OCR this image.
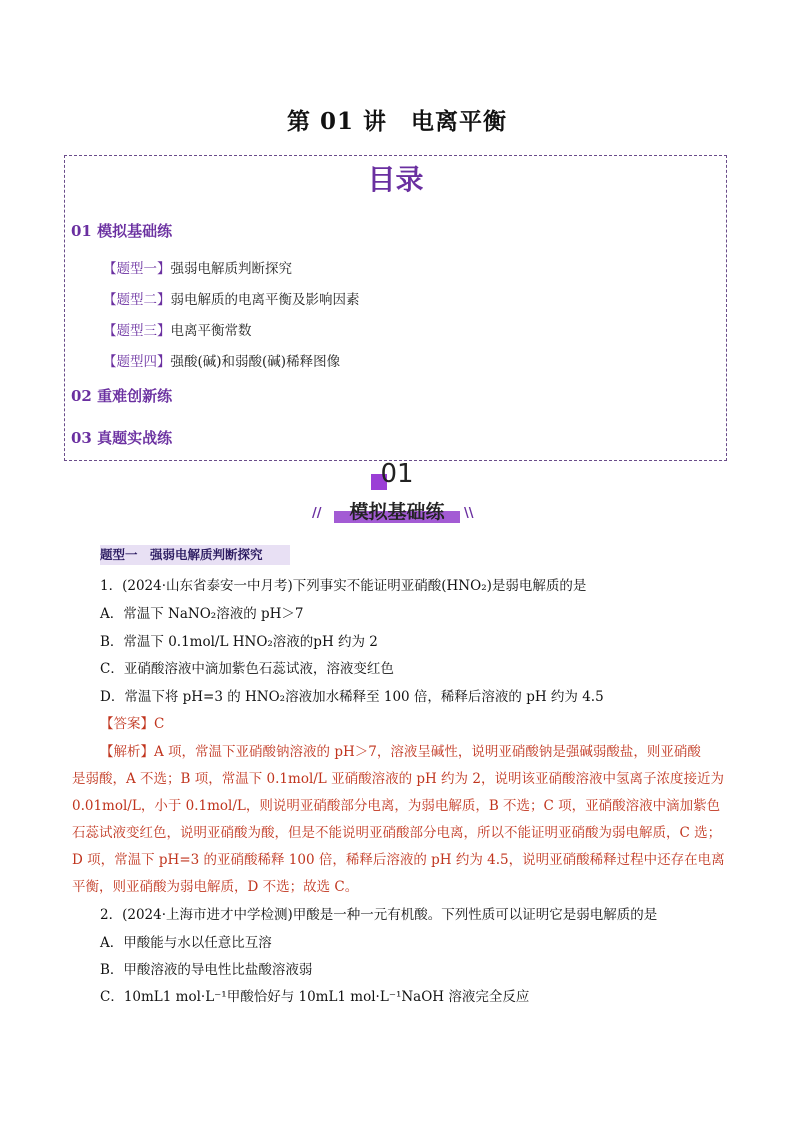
第 01 讲　电离平衡
目录
01 模拟基础练
【题型一】强弱电解质判断探究
【题型二】弱电解质的电离平衡及影响因素
【题型三】电离平衡常数
【题型四】强酸(碱)和弱酸(碱)稀释图像
02 重难创新练
03 真题实战练
01
//	模拟基础练	\\
题型一　强弱电解质判断探究
1．(2024·山东省泰安一中月考)下列事实不能证明亚硝酸(HNO₂)是弱电解质的是
A．常温下 NaNO₂溶液的 pH＞7
B．常温下 0.1mol/L HNO₂溶液的pH 约为 2
C．亚硝酸溶液中滴加紫色石蕊试液，溶液变红色
D．常温下将 pH=3 的 HNO₂溶液加水稀释至 100 倍，稀释后溶液的 pH 约为 4.5
【答案】C
【解析】A 项，常温下亚硝酸钠溶液的 pH＞7，溶液呈碱性，说明亚硝酸钠是强碱弱酸盐，则亚硝酸
是弱酸，A 不选；B 项，常温下 0.1mol/L 亚硝酸溶液的 pH 约为 2，说明该亚硝酸溶液中氢离子浓度接近为
0.01mol/L，小于 0.1mol/L，则说明亚硝酸部分电离，为弱电解质，B 不选；C 项，亚硝酸溶液中滴加紫色
石蕊试液变红色，说明亚硝酸为酸，但是不能说明亚硝酸部分电离，所以不能证明亚硝酸为弱电解质，C 选；
D 项，常温下 pH=3 的亚硝酸稀释 100 倍，稀释后溶液的 pH 约为 4.5，说明亚硝酸稀释过程中还存在电离
平衡，则亚硝酸为弱电解质，D 不选；故选 C。
2．(2024·上海市进才中学检测)甲酸是一种一元有机酸。下列性质可以证明它是弱电解质的是
A．甲酸能与水以任意比互溶
B．甲酸溶液的导电性比盐酸溶液弱
C．10mL1 mol·L⁻¹甲酸恰好与 10mL1 mol·L⁻¹NaOH 溶液完全反应
